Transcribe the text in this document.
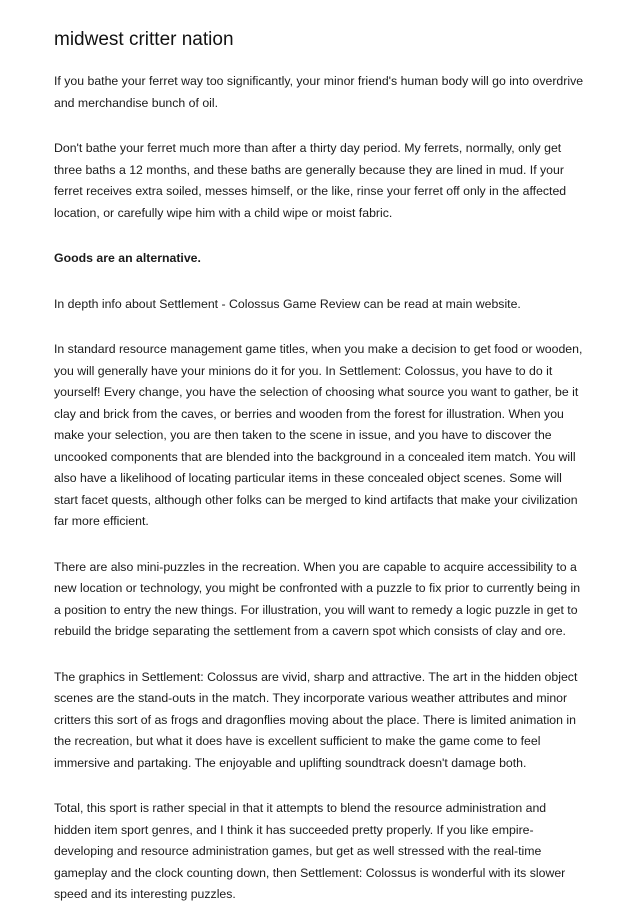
midwest critter nation

If you bathe your ferret way too significantly, your minor friend's human body will go into overdrive and merchandise bunch of oil.

Don't bathe your ferret much more than after a thirty day period. My ferrets, normally, only get three baths a 12 months, and these baths are generally because they are lined in mud. If your ferret receives extra soiled, messes himself, or the like, rinse your ferret off only in the affected location, or carefully wipe him with a child wipe or moist fabric.

Goods are an alternative.

In depth info about Settlement - Colossus Game Review can be read at main website.

In standard resource management game titles, when you make a decision to get food or wooden, you will generally have your minions do it for you. In Settlement: Colossus, you have to do it yourself! Every change, you have the selection of choosing what source you want to gather, be it clay and brick from the caves, or berries and wooden from the forest for illustration. When you make your selection, you are then taken to the scene in issue, and you have to discover the uncooked components that are blended into the background in a concealed item match. You will also have a likelihood of locating particular items in these concealed object scenes. Some will start facet quests, although other folks can be merged to kind artifacts that make your civilization far more efficient.

There are also mini-puzzles in the recreation. When you are capable to acquire accessibility to a new location or technology, you might be confronted with a puzzle to fix prior to currently being in a position to entry the new things. For illustration, you will want to remedy a logic puzzle in get to rebuild the bridge separating the settlement from a cavern spot which consists of clay and ore.

The graphics in Settlement: Colossus are vivid, sharp and attractive. The art in the hidden object scenes are the stand-outs in the match. They incorporate various weather attributes and minor critters this sort of as frogs and dragonflies moving about the place. There is limited animation in the recreation, but what it does have is excellent sufficient to make the game come to feel immersive and partaking. The enjoyable and uplifting soundtrack doesn't damage both.

Total, this sport is rather special in that it attempts to blend the resource administration and hidden item sport genres, and I think it has succeeded pretty properly. If you like empire-developing and resource administration games, but get as well stressed with the real-time gameplay and the clock counting down, then Settlement: Colossus is wonderful with its slower speed and its interesting puzzles.
